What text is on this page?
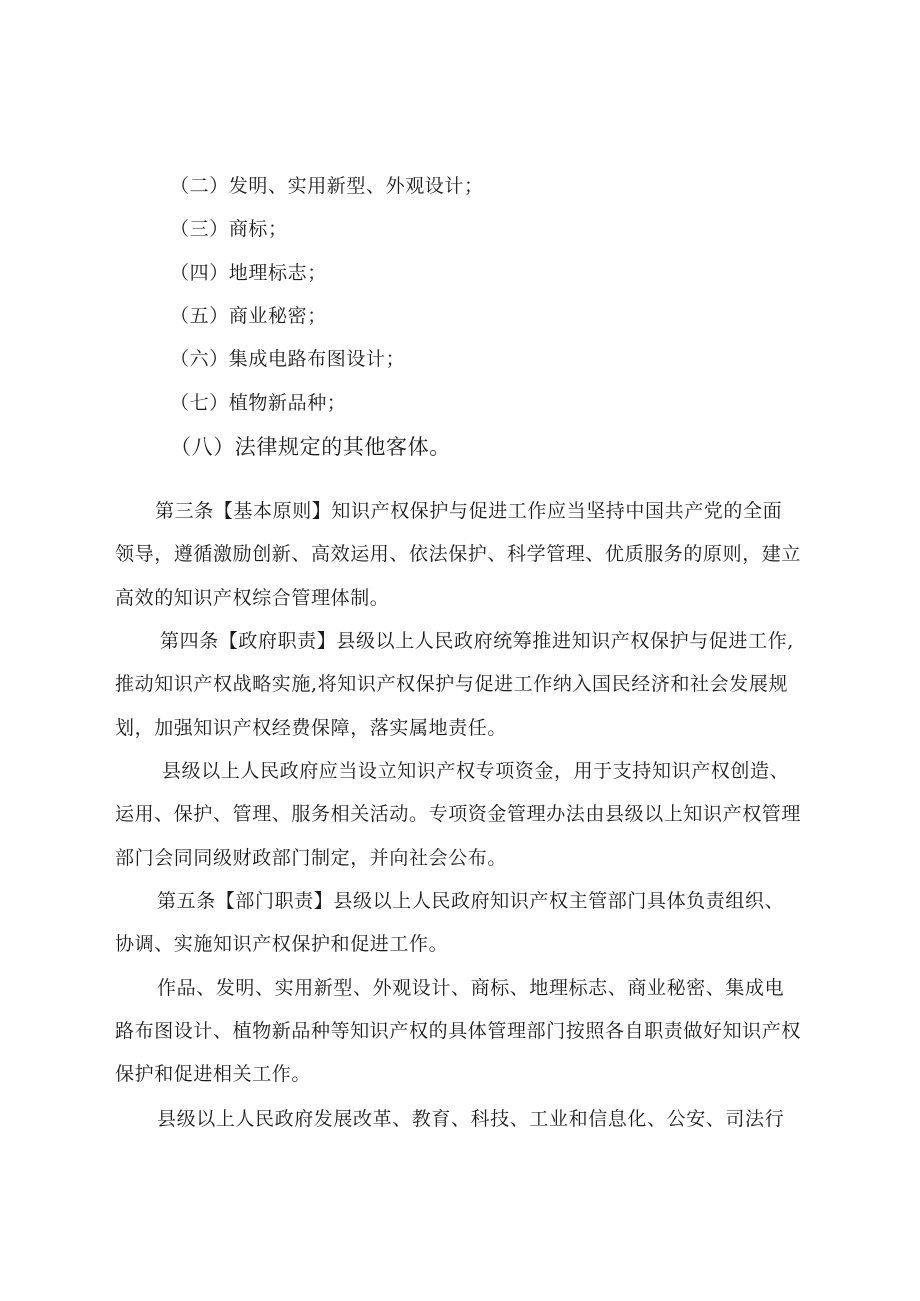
（二）发明、实用新型、外观设计；
（三）商标；
（四）地理标志；
（五）商业秘密；
（六）集成电路布图设计；
（七）植物新品种；
（八）法律规定的其他客体。
第三条【基本原则】知识产权保护与促进工作应当坚持中国共产党的全面
领导，遵循激励创新、高效运用、依法保护、科学管理、优质服务的原则，建立
高效的知识产权综合管理体制。
第四条【政府职责】县级以上人民政府统筹推进知识产权保护与促进工作,
推动知识产权战略实施,将知识产权保护与促进工作纳入国民经济和社会发展规
划，加强知识产权经费保障，落实属地责任。
县级以上人民政府应当设立知识产权专项资金，用于支持知识产权创造、
运用、保护、管理、服务相关活动。专项资金管理办法由县级以上知识产权管理
部门会同同级财政部门制定，并向社会公布。
第五条【部门职责】县级以上人民政府知识产权主管部门具体负责组织、
协调、实施知识产权保护和促进工作。
作品、发明、实用新型、外观设计、商标、地理标志、商业秘密、集成电
路布图设计、植物新品种等知识产权的具体管理部门按照各自职责做好知识产权
保护和促进相关工作。
县级以上人民政府发展改革、教育、科技、工业和信息化、公安、司法行
